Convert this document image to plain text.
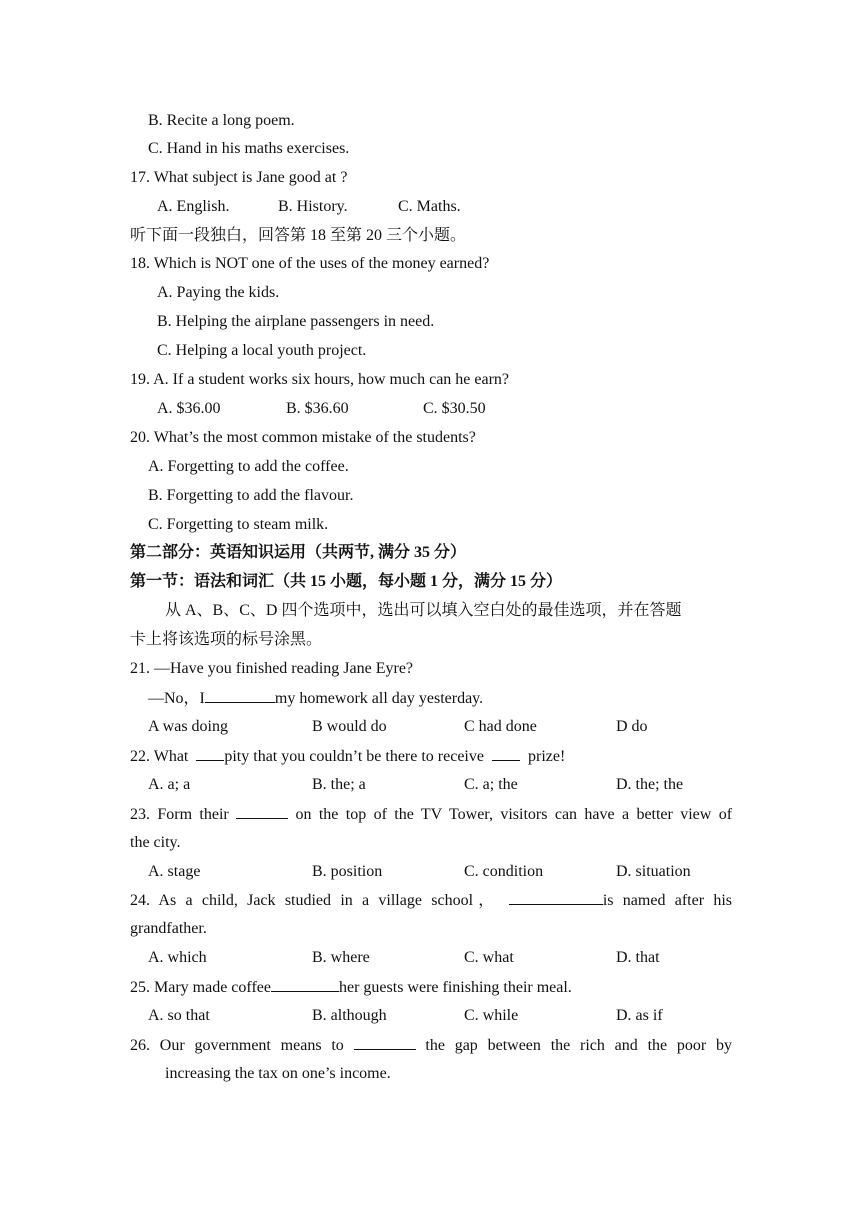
B. Recite a long poem.
C. Hand in his maths exercises.
17. What subject is Jane good at ?
A. English.	B. History.	C. Maths.
听下面一段独白，回答第 18 至第 20 三个小题。
18. Which is NOT one of the uses of the money earned?
A. Paying the kids.
B. Helping the airplane passengers in need.
C. Helping a local youth project.
19. A. If a student works six hours, how much can he earn?
A. $36.00	B. $36.60	C. $30.50
20. What’s the most common mistake of the students?
A. Forgetting to add the coffee.
B. Forgetting to add the flavour.
C. Forgetting to steam milk.
第二部分：英语知识运用（共两节, 满分 35 分）
第一节：语法和词汇（共 15 小题，每小题 1 分，满分 15 分）
从 A、B、C、D 四个选项中，选出可以填入空白处的最佳选项，并在答题
卡上将该选项的标号涂黑。
21. —Have you finished reading Jane Eyre?
—No，I	my homework all day yesterday.
A was doing	B would do	C had done	D do
22. What pity that you couldn’t be there to receive	prize!
A. a; a	B. the; a	C. a; the	D. the; the
23. Form their	on the top of the TV Tower, visitors can have a better view of
the city.
A. stage	B. position	C. condition	D. situation
24. As a child, Jack studied in a village school，	is named after his
grandfather.
A. which	B. where	C. what	D. that
25. Mary made coffee	her guests were finishing their meal.
A. so that	B. although	C. while	D. as if
26. Our government means to	the gap between the rich and the poor by
increasing the tax on one’s income.
